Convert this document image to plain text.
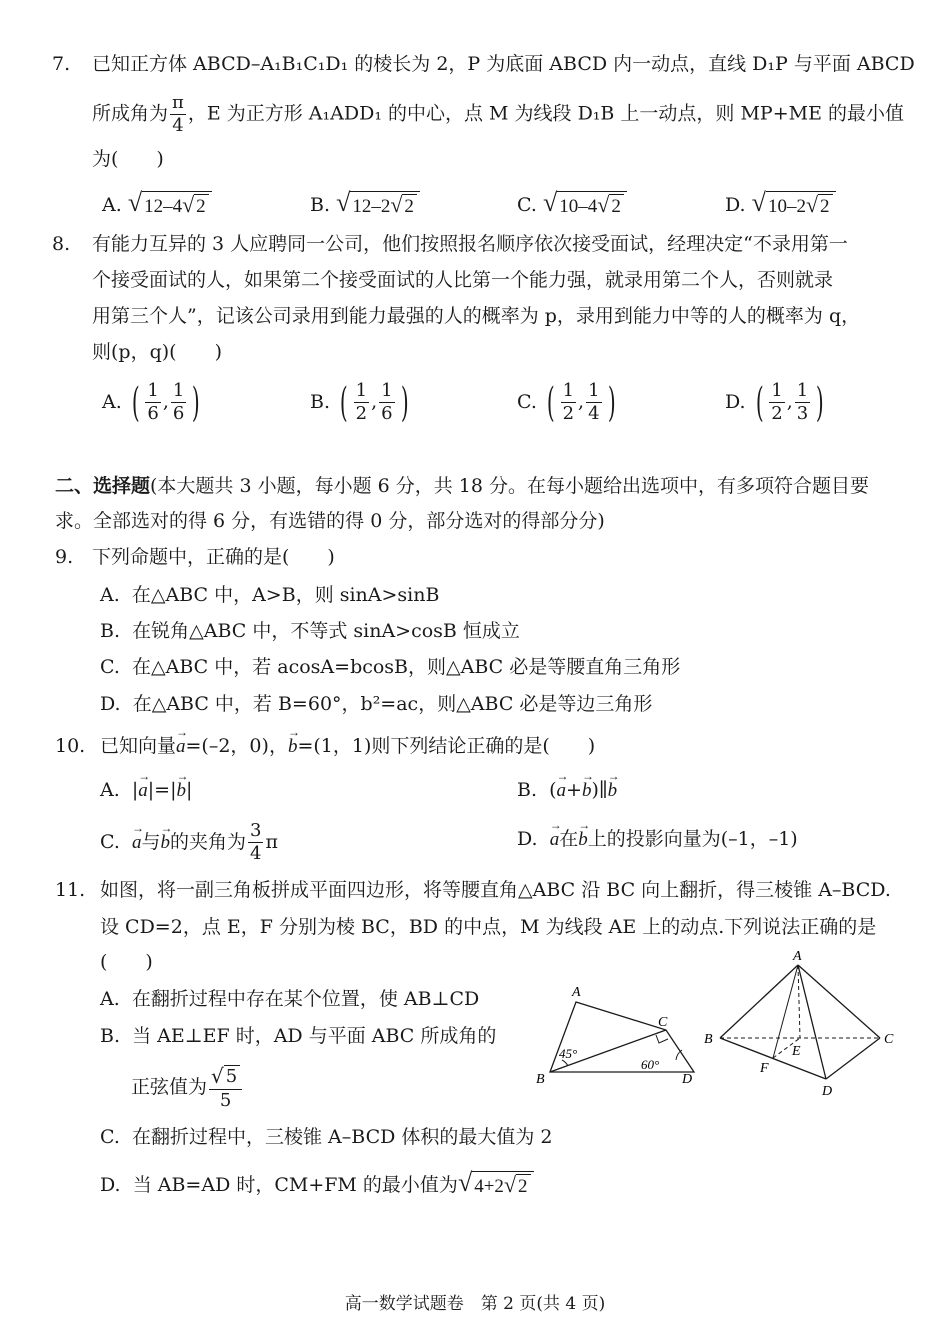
7. 已知正方体 ABCD–A₁B₁C₁D₁ 的棱长为 2，P 为底面 ABCD 内一动点，直线 D₁P 与平面 ABCD
所成角为 $\frac{\pi}{4}$ ，E 为正方形 A₁ADD₁ 的中心，点 M 为线段 D₁B 上一动点，则 MP+ME 的最小值
为(　　)
A. √ 12–4 √ 2	B. √ 12–2 √ 2	C. √ 10–4 √ 2	D. √ 10–2 √ 2
8. 有能力互异的 3 人应聘同一公司，他们按照报名顺序依次接受面试，经理决定“不录用第一
个接受面试的人，如果第二个接受面试的人比第一个能力强，就录用第二个人，否则就录
用第三个人”，记该公司录用到能力最强的人的概率为 p，录用到能力中等的人的概率为 q，
则(p，q)(　　)
A. ( $\frac{1}{6}$ , $\frac{1}{6}$ )	B. ( $\frac{1}{2}$ , $\frac{1}{6}$ )	C. ( $\frac{1}{2}$ , $\frac{1}{4}$ )	D. ( $\frac{1}{2}$ , $\frac{1}{3}$ )
二、选择题(本大题共 3 小题，每小题 6 分，共 18 分。在每小题给出选项中，有多项符合题目要
求。全部选对的得 6 分，有选错的得 0 分，部分选对的得部分分)
9. 下列命题中，正确的是(　　)
A. 在△ABC 中，A>B，则 sinA>sinB
B. 在锐角△ABC 中，不等式 sinA>cosB 恒成立
C. 在△ABC 中，若 acosA=bcosB，则△ABC 必是等腰直角三角形
D. 在△ABC 中，若 B=60°，b²=ac，则△ABC 必是等边三角形
10. 已知向量→ a=(–2，0)，→ b=(1，1)则下列结论正确的是(　　)
A.  |→ a|=|→ b|	B.  (→ a+→ b)∥→ b
C. → a与→ b的夹角为 $\frac{3}{4}$ π	D. → a在→ b上的投影向量为(–1，–1)
11. 如图，将一副三角板拼成平面四边形，将等腰直角△ABC 沿 BC 向上翻折，得三棱锥 A–BCD.
设 CD=2，点 E，F 分别为棱 BC，BD 的中点，M 为线段 AE 上的动点.下列说法正确的是
(　　)
A. 在翻折过程中存在某个位置，使 AB⊥CD
B. 当 AE⊥EF 时，AD 与平面 ABC 所成角的
正弦值为 $\frac{√ 5}{5}$
C. 在翻折过程中，三棱锥 A–BCD 体积的最大值为 2
D. 当 AB=AD 时，CM+FM 的最小值为 √ 4+2 √ 2
A
C
B	D
45°
60°
A
B	C
D
E
F
高一数学试题卷　第 2 页(共 4 页)
